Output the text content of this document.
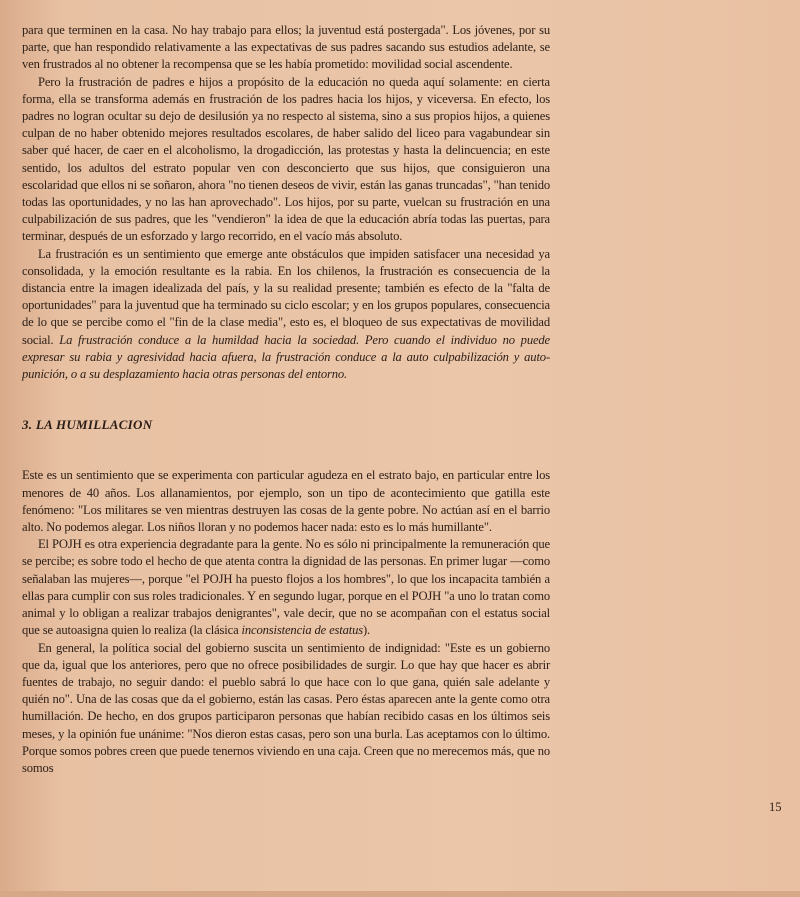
para que terminen en la casa. No hay trabajo para ellos; la juventud está postergada". Los jóvenes, por su parte, que han respondido relativamente a las expectativas de sus padres sacando sus estudios adelante, se ven frustrados al no obtener la recompensa que se les había prometido: movilidad social ascendente.

Pero la frustración de padres e hijos a propósito de la educación no queda aquí solamente: en cierta forma, ella se transforma además en frustración de los padres hacia los hijos, y viceversa. En efecto, los padres no logran ocultar su dejo de desilusión ya no respecto al sistema, sino a sus propios hijos, a quienes culpan de no haber obtenido mejores resultados escolares, de haber salido del liceo para vagabundear sin saber qué hacer, de caer en el alcoholismo, la drogadicción, las protestas y hasta la delincuencia; en este sentido, los adultos del estrato popular ven con desconcierto que sus hijos, que consiguieron una escolaridad que ellos ni se soñaron, ahora "no tienen deseos de vivir, están las ganas truncadas", "han tenido todas las oportunidades, y no las han aprovechado". Los hijos, por su parte, vuelcan su frustración en una culpabilización de sus padres, que les "vendieron" la idea de que la educación abría todas las puertas, para terminar, después de un esforzado y largo recorrido, en el vacío más absoluto.

La frustración es un sentimiento que emerge ante obstáculos que impiden satisfacer una necesidad ya consolidada, y la emoción resultante es la rabia. En los chilenos, la frustración es consecuencia de la distancia entre la imagen idealizada del país, y la su realidad presente; también es efecto de la "falta de oportunidades" para la juventud que ha terminado su ciclo escolar; y en los grupos populares, consecuencia de lo que se percibe como el "fin de la clase media", esto es, el bloqueo de sus expectativas de movilidad social. La frustración conduce a la humildad hacia la sociedad. Pero cuando el individuo no puede expresar su rabia y agresividad hacia afuera, la frustración conduce a la auto culpabilización y auto-punición, o a su desplazamiento hacia otras personas del entorno.

3. LA HUMILLACION

Este es un sentimiento que se experimenta con particular agudeza en el estrato bajo, en particular entre los menores de 40 años. Los allanamientos, por ejemplo, son un tipo de acontecimiento que gatilla este fenómeno: "Los militares se ven mientras destruyen las cosas de la gente pobre. No actúan así en el barrio alto. No podemos alegar. Los niños lloran y no podemos hacer nada: esto es lo más humillante".

El POJH es otra experiencia degradante para la gente. No es sólo ni principalmente la remuneración que se percibe; es sobre todo el hecho de que atenta contra la dignidad de las personas. En primer lugar —como señalaban las mujeres—, porque "el POJH ha puesto flojos a los hombres", lo que los incapacita también a ellas para cumplir con sus roles tradicionales. Y en segundo lugar, porque en el POJH "a uno lo tratan como animal y lo obligan a realizar trabajos denigrantes", vale decir, que no se acompañan con el estatus social que se autoasigna quien lo realiza (la clásica inconsistencia de estatus).

En general, la política social del gobierno suscita un sentimiento de indignidad: "Este es un gobierno que da, igual que los anteriores, pero que no ofrece posibilidades de surgir. Lo que hay que hacer es abrir fuentes de trabajo, no seguir dando: el pueblo sabrá lo que hace con lo que gana, quién sale adelante y quién no". Una de las cosas que da el gobierno, están las casas. Pero éstas aparecen ante la gente como otra humillación. De hecho, en dos grupos participaron personas que habían recibido casas en los últimos seis meses, y la opinión fue unánime: "Nos dieron estas casas, pero son una burla. Las aceptamos con lo último. Porque somos pobres creen que puede tenernos viviendo en una caja. Creen que no merecemos más, que no somos

15
